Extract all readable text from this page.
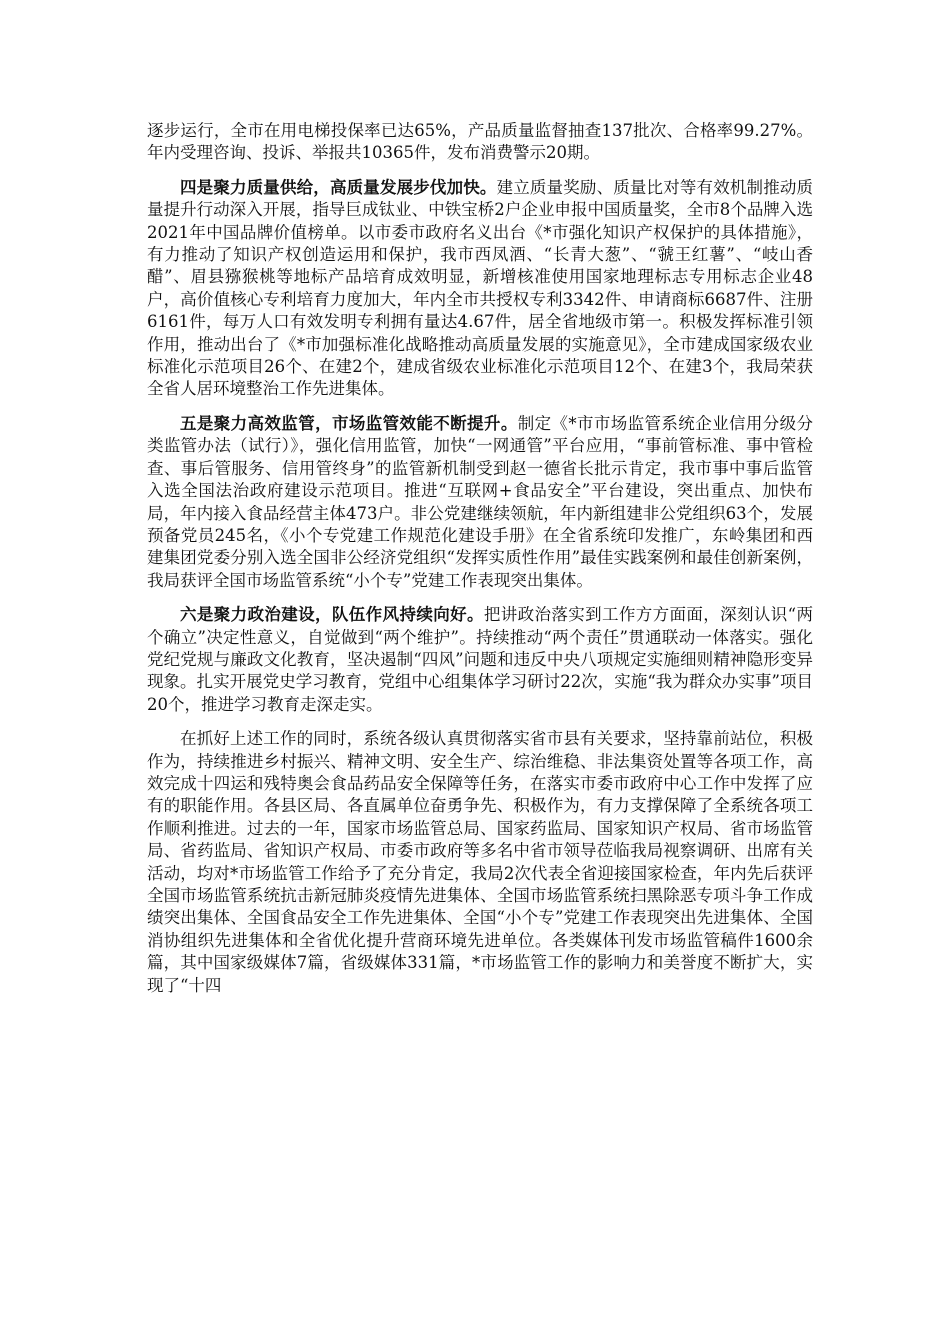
逐步运行，全市在用电梯投保率已达65%，产品质量监督抽查137批次、合格率99.27%。年内受理咨询、投诉、举报共10365件，发布消费警示20期。

四是聚力质量供给，高质量发展步伐加快。建立质量奖励、质量比对等有效机制推动质量提升行动深入开展，指导巨成钛业、中铁宝桥2户企业申报中国质量奖，全市8个品牌入选2021年中国品牌价值榜单。以市委市政府名义出台《*市强化知识产权保护的具体措施》，有力推动了知识产权创造运用和保护，我市西凤酒、“长青大葱”、“虢王红薯”、“岐山香醋”、眉县猕猴桃等地标产品培育成效明显，新增核准使用国家地理标志专用标志企业48户，高价值核心专利培育力度加大，年内全市共授权专利3342件、申请商标6687件、注册6161件，每万人口有效发明专利拥有量达4.67件，居全省地级市第一。积极发挥标准引领作用，推动出台了《*市加强标准化战略推动高质量发展的实施意见》，全市建成国家级农业标准化示范项目26个、在建2个，建成省级农业标准化示范项目12个、在建3个，我局荣获全省人居环境整治工作先进集体。

五是聚力高效监管，市场监管效能不断提升。制定《*市市场监管系统企业信用分级分类监管办法（试行）》，强化信用监管，加快“一网通管”平台应用，“事前管标准、事中管检查、事后管服务、信用管终身”的监管新机制受到赵一德省长批示肯定，我市事中事后监管入选全国法治政府建设示范项目。推进“互联网+食品安全”平台建设，突出重点、加快布局，年内接入食品经营主体473户。非公党建继续领航，年内新组建非公党组织63个，发展预备党员245名，《小个专党建工作规范化建设手册》在全省系统印发推广，东岭集团和西建集团党委分别入选全国非公经济党组织“发挥实质性作用”最佳实践案例和最佳创新案例，我局获评全国市场监管系统“小个专”党建工作表现突出集体。

六是聚力政治建设，队伍作风持续向好。把讲政治落实到工作方方面面，深刻认识“两个确立”决定性意义，自觉做到“两个维护”。持续推动“两个责任”贯通联动一体落实。强化党纪党规与廉政文化教育，坚决遏制“四风”问题和违反中央八项规定实施细则精神隐形变异现象。扎实开展党史学习教育，党组中心组集体学习研讨22次，实施“我为群众办实事”项目20个，推进学习教育走深走实。

在抓好上述工作的同时，系统各级认真贯彻落实省市县有关要求，坚持靠前站位，积极作为，持续推进乡村振兴、精神文明、安全生产、综治维稳、非法集资处置等各项工作，高效完成十四运和残特奥会食品药品安全保障等任务，在落实市委市政府中心工作中发挥了应有的职能作用。各县区局、各直属单位奋勇争先、积极作为，有力支撑保障了全系统各项工作顺利推进。过去的一年，国家市场监管总局、国家药监局、国家知识产权局、省市场监管局、省药监局、省知识产权局、市委市政府等多名中省市领导莅临我局视察调研、出席有关活动，均对*市场监管工作给予了充分肯定，我局2次代表全省迎接国家检查，年内先后获评全国市场监管系统抗击新冠肺炎疫情先进集体、全国市场监管系统扫黑除恶专项斗争工作成绩突出集体、全国食品安全工作先进集体、全国“小个专”党建工作表现突出先进集体、全国消协组织先进集体和全省优化提升营商环境先进单位。各类媒体刊发市场监管稿件1600余篇，其中国家级媒体7篇，省级媒体331篇，*市场监管工作的影响力和美誉度不断扩大，实现了“十四
